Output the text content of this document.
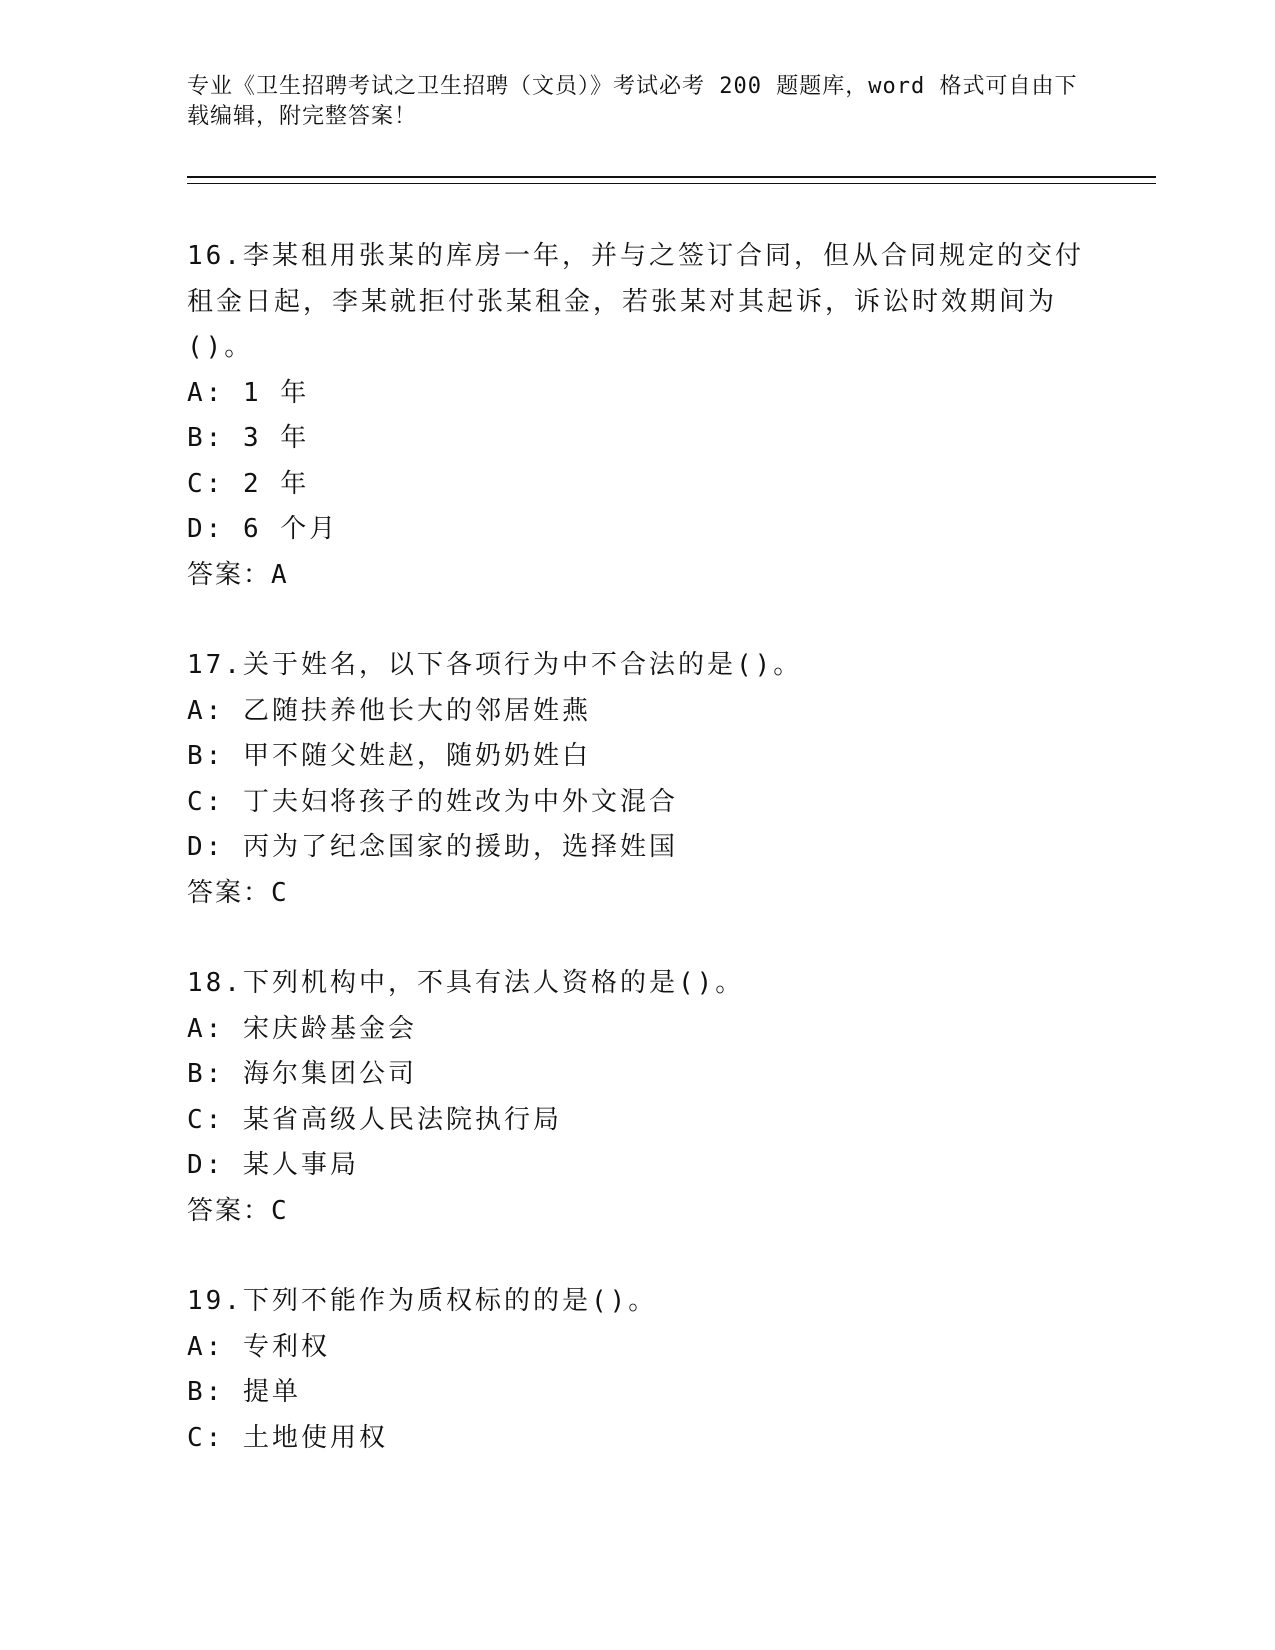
专业《卫生招聘考试之卫生招聘（文员）》考试必考 200 题题库，word 格式可自由下载编辑，附完整答案！
16.李某租用张某的库房一年，并与之签订合同，但从合同规定的交付租金日起，李某就拒付张某租金，若张某对其起诉，诉讼时效期间为()。
A: 1 年
B: 3 年
C: 2 年
D: 6 个月
答案：A
17.关于姓名，以下各项行为中不合法的是()。
A: 乙随扶养他长大的邻居姓燕
B: 甲不随父姓赵，随奶奶姓白
C: 丁夫妇将孩子的姓改为中外文混合
D: 丙为了纪念国家的援助，选择姓国
答案：C
18.下列机构中，不具有法人资格的是()。
A: 宋庆龄基金会
B: 海尔集团公司
C: 某省高级人民法院执行局
D: 某人事局
答案：C
19.下列不能作为质权标的的是()。
A: 专利权
B: 提单
C: 土地使用权
